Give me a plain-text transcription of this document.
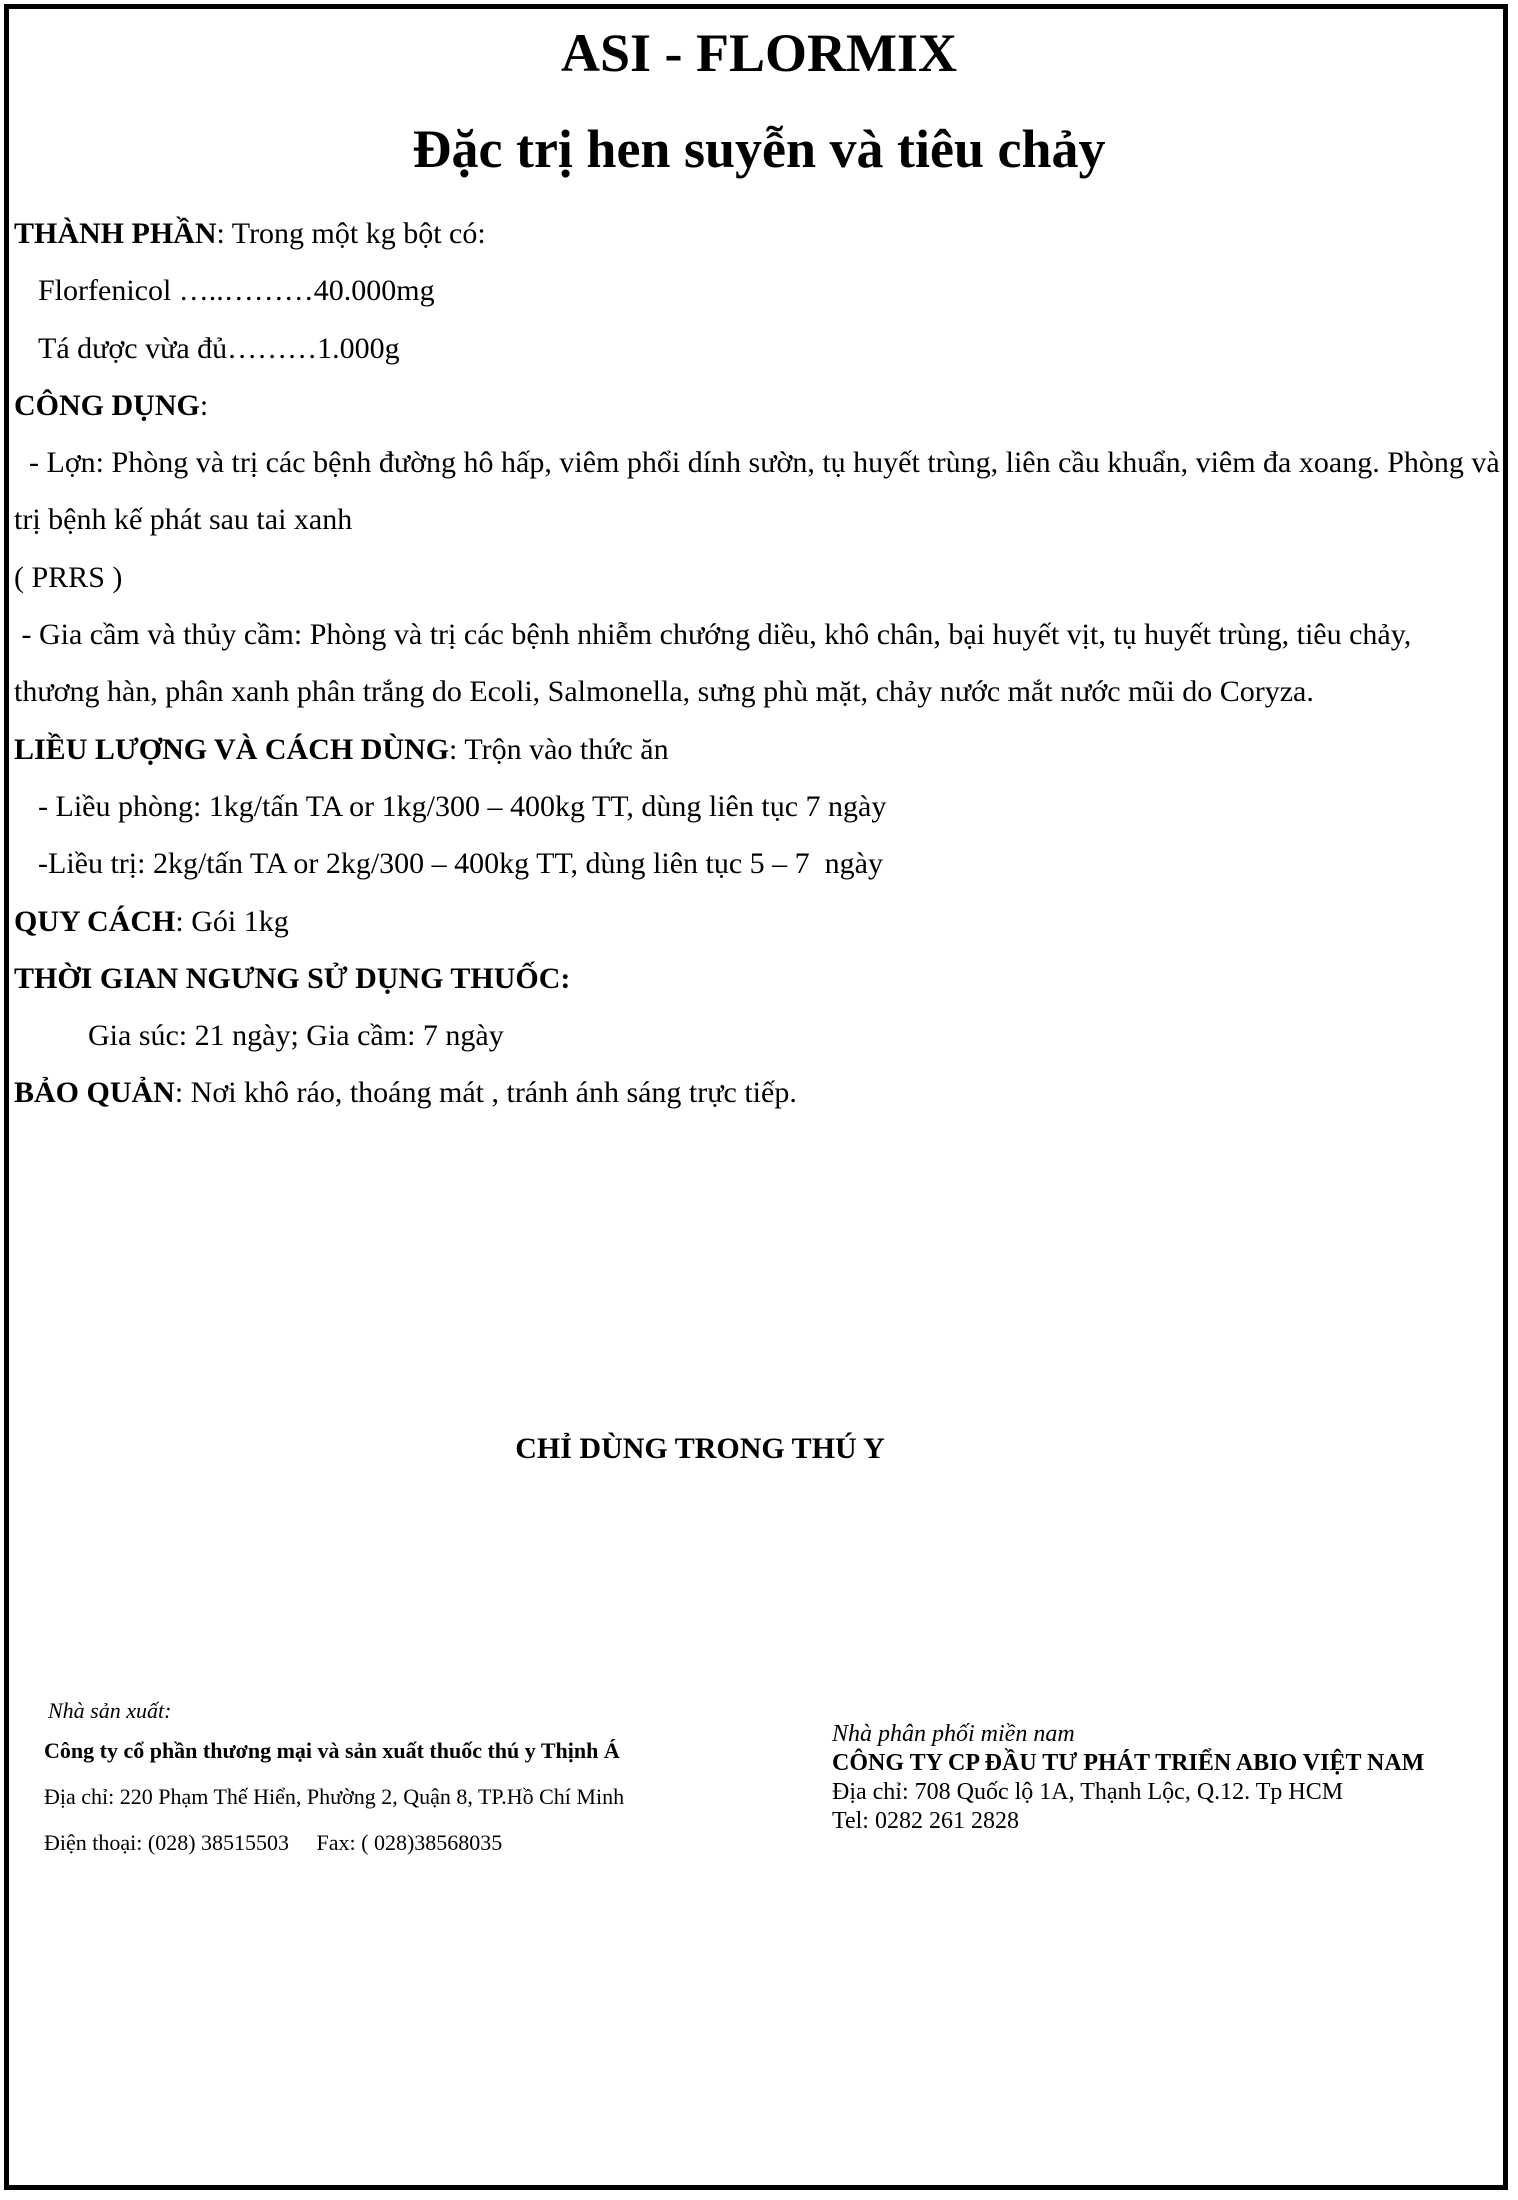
ASI - FLORMIX
Đặc trị hen suyễn và tiêu chảy

THÀNH PHẦN: Trong một kg bột có:

Florfenicol …..………40.000mg

Tá dược vừa đủ………1.000g

CÔNG DỤNG:

- Lợn: Phòng và trị các bệnh đường hô hấp, viêm phổi dính sườn, tụ huyết trùng, liên cầu khuẩn, viêm đa xoang. Phòng và trị bệnh kế phát sau tai xanh

( PRRS )

- Gia cầm và thủy cầm: Phòng và trị các bệnh nhiễm chướng diều, khô chân, bại huyết vịt, tụ huyết trùng, tiêu chảy, thương hàn, phân xanh phân trắng do Ecoli, Salmonella, sưng phù mặt, chảy nước mắt nước mũi do Coryza.

LIỀU LƯỢNG VÀ CÁCH DÙNG: Trộn vào thức ăn

- Liều phòng: 1kg/tấn TA or 1kg/300 – 400kg TT, dùng liên tục 7 ngày

-Liều trị: 2kg/tấn TA or 2kg/300 – 400kg TT, dùng liên tục 5 – 7  ngày

QUY CÁCH: Gói 1kg

THỜI GIAN NGƯNG SỬ DỤNG THUỐC:

Gia súc: 21 ngày; Gia cầm: 7 ngày

BẢO QUẢN: Nơi khô ráo, thoáng mát , tránh ánh sáng trực tiếp.

CHỈ DÙNG TRONG THÚ Y
Nhà sản xuất:
Công ty cổ phần thương mại và sản xuất thuốc thú y Thịnh Á
Địa chỉ: 220 Phạm Thế Hiển, Phường 2, Quận 8, TP.Hồ Chí Minh
Điện thoại: (028) 38515503     Fax: ( 028)38568035
Nhà phân phối miền nam
CÔNG TY CP ĐẦU TƯ PHÁT TRIỂN ABIO VIỆT NAM
Địa chỉ: 708 Quốc lộ 1A, Thạnh Lộc, Q.12. Tp HCM
Tel: 0282 261 2828
